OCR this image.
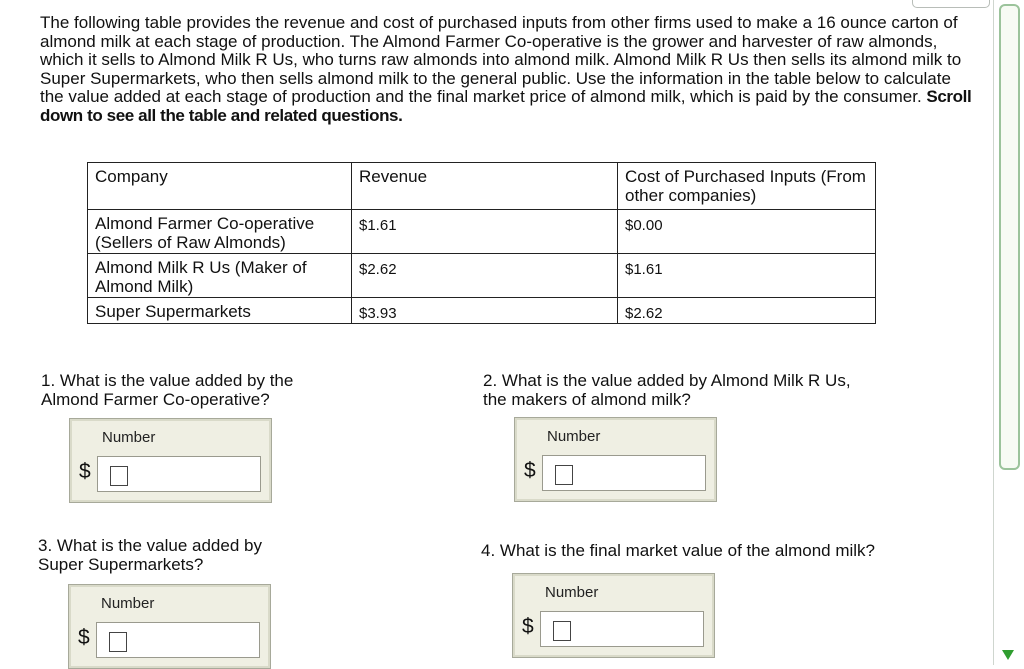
The following table provides the revenue and cost of purchased inputs from other firms used to make a 16 ounce carton of almond milk at each stage of production. The Almond Farmer Co-operative is the grower and harvester of raw almonds, which it sells to Almond Milk R Us, who turns raw almonds into almond milk. Almond Milk R Us then sells its almond milk to Super Supermarkets, who then sells almond milk to the general public. Use the information in the table below to calculate the value added at each stage of production and the final market price of almond milk, which is paid by the consumer. Scroll down to see all the table and related questions.
Company	Revenue	Cost of Purchased Inputs (From other companies)
Almond Farmer Co-operative (Sellers of Raw Almonds)	$1.61	$0.00
Almond Milk R Us (Maker of Almond Milk)	$2.62	$1.61
Super Supermarkets	$3.93	$2.62
1. What is the value added by the Almond Farmer Co-operative?
Number
$
2. What is the value added by Almond Milk R Us, the makers of almond milk?
Number
$
3. What is the value added by Super Supermarkets?
Number
$
4. What is the final market value of the almond milk?
Number
$
